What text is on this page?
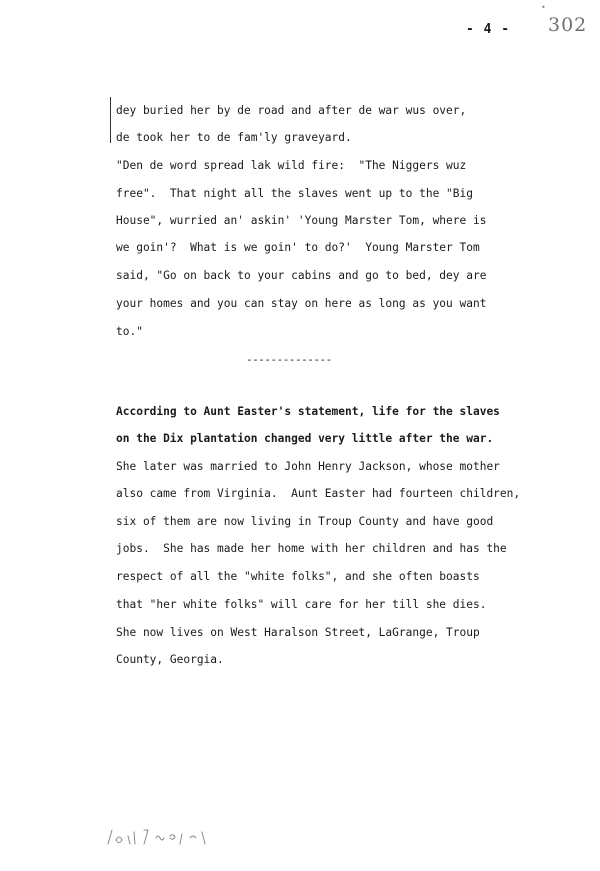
•
- 4 - 302
dey buried her by de road and after de war wus over,
de took her to de fam'ly graveyard.
"Den de word spread lak wild fire:  "The Niggers wuz
free".  That night all the slaves went up to the "Big
House", wurried an' askin' 'Young Marster Tom, where is
we goin'?  What is we goin' to do?'  Young Marster Tom
said, "Go on back to your cabins and go to bed, dey are
your homes and you can stay on here as long as you want
to."
--------------
According to Aunt Easter's statement, life for the slaves
on the Dix plantation changed very little after the war.
She later was married to John Henry Jackson, whose mother
also came from Virginia.  Aunt Easter had fourteen children,
six of them are now living in Troup County and have good
jobs.  She has made her home with her children and has the
respect of all the "white folks", and she often boasts
that "her white folks" will care for her till she dies.
She now lives on West Haralson Street, LaGrange, Troup
County, Georgia.
